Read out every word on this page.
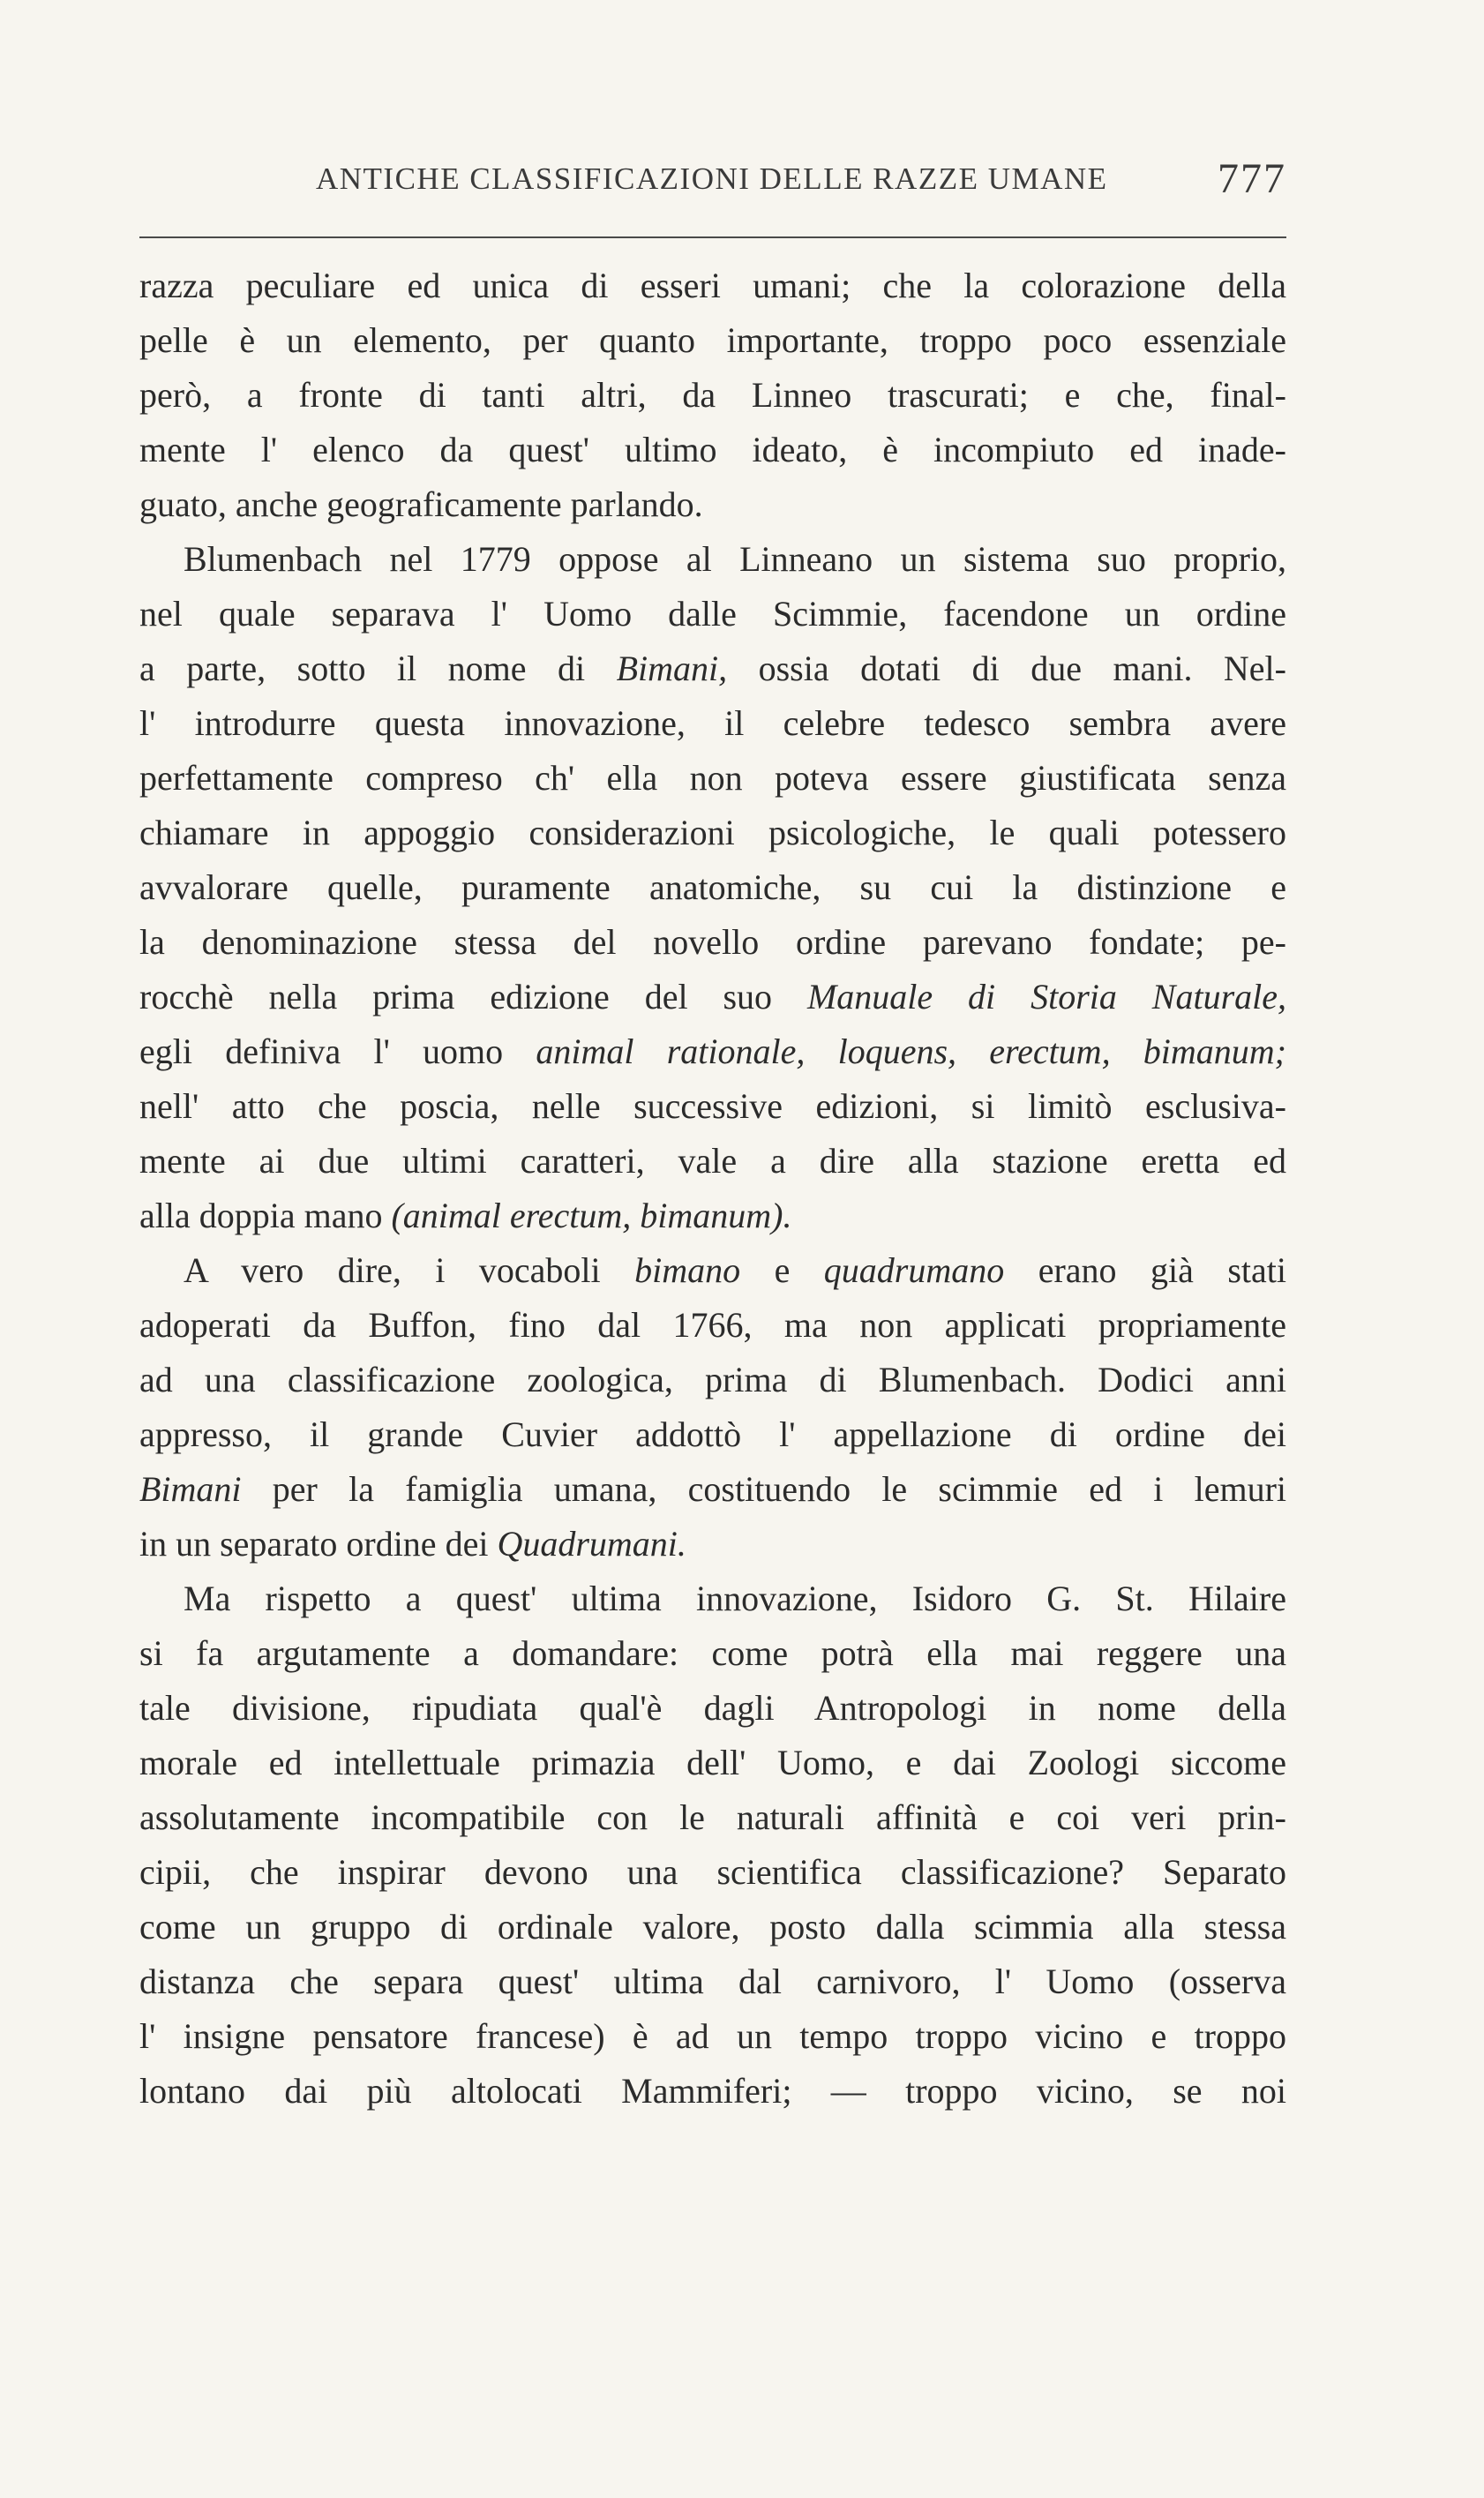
ANTICHE CLASSIFICAZIONI DELLE RAZZE UMANE	777
razza peculiare ed unica di esseri umani; che la colorazione della
pelle è un elemento, per quanto importante, troppo poco essenziale
però, a fronte di tanti altri, da Linneo trascurati; e che, final-
mente l' elenco da quest' ultimo ideato, è incompiuto ed inade-
guato, anche geograficamente parlando.
Blumenbach nel 1779 oppose al Linneano un sistema suo proprio,
nel quale separava l' Uomo dalle Scimmie, facendone un ordine
a parte, sotto il nome di Bimani, ossia dotati di due mani. Nel-
l' introdurre questa innovazione, il celebre tedesco sembra avere
perfettamente compreso ch' ella non poteva essere giustificata senza
chiamare in appoggio considerazioni psicologiche, le quali potessero
avvalorare quelle, puramente anatomiche, su cui la distinzione e
la denominazione stessa del novello ordine parevano fondate; pe-
rocchè nella prima edizione del suo Manuale di Storia Naturale,
egli definiva l' uomo animal rationale, loquens, erectum, bimanum;
nell' atto che poscia, nelle successive edizioni, si limitò esclusiva-
mente ai due ultimi caratteri, vale a dire alla stazione eretta ed
alla doppia mano (animal erectum, bimanum).
A vero dire, i vocaboli bimano e quadrumano erano già stati
adoperati da Buffon, fino dal 1766, ma non applicati propriamente
ad una classificazione zoologica, prima di Blumenbach. Dodici anni
appresso, il grande Cuvier addottò l' appellazione di ordine dei
Bimani per la famiglia umana, costituendo le scimmie ed i lemuri
in un separato ordine dei Quadrumani.
Ma rispetto a quest' ultima innovazione, Isidoro G. St. Hilaire
si fa argutamente a domandare: come potrà ella mai reggere una
tale divisione, ripudiata qual'è dagli Antropologi in nome della
morale ed intellettuale primazia dell' Uomo, e dai Zoologi siccome
assolutamente incompatibile con le naturali affinità e coi veri prin-
cipii, che inspirar devono una scientifica classificazione? Separato
come un gruppo di ordinale valore, posto dalla scimmia alla stessa
distanza che separa quest' ultima dal carnivoro, l' Uomo (osserva
l' insigne pensatore francese) è ad un tempo troppo vicino e troppo
lontano dai più altolocati Mammiferi; — troppo vicino, se noi
